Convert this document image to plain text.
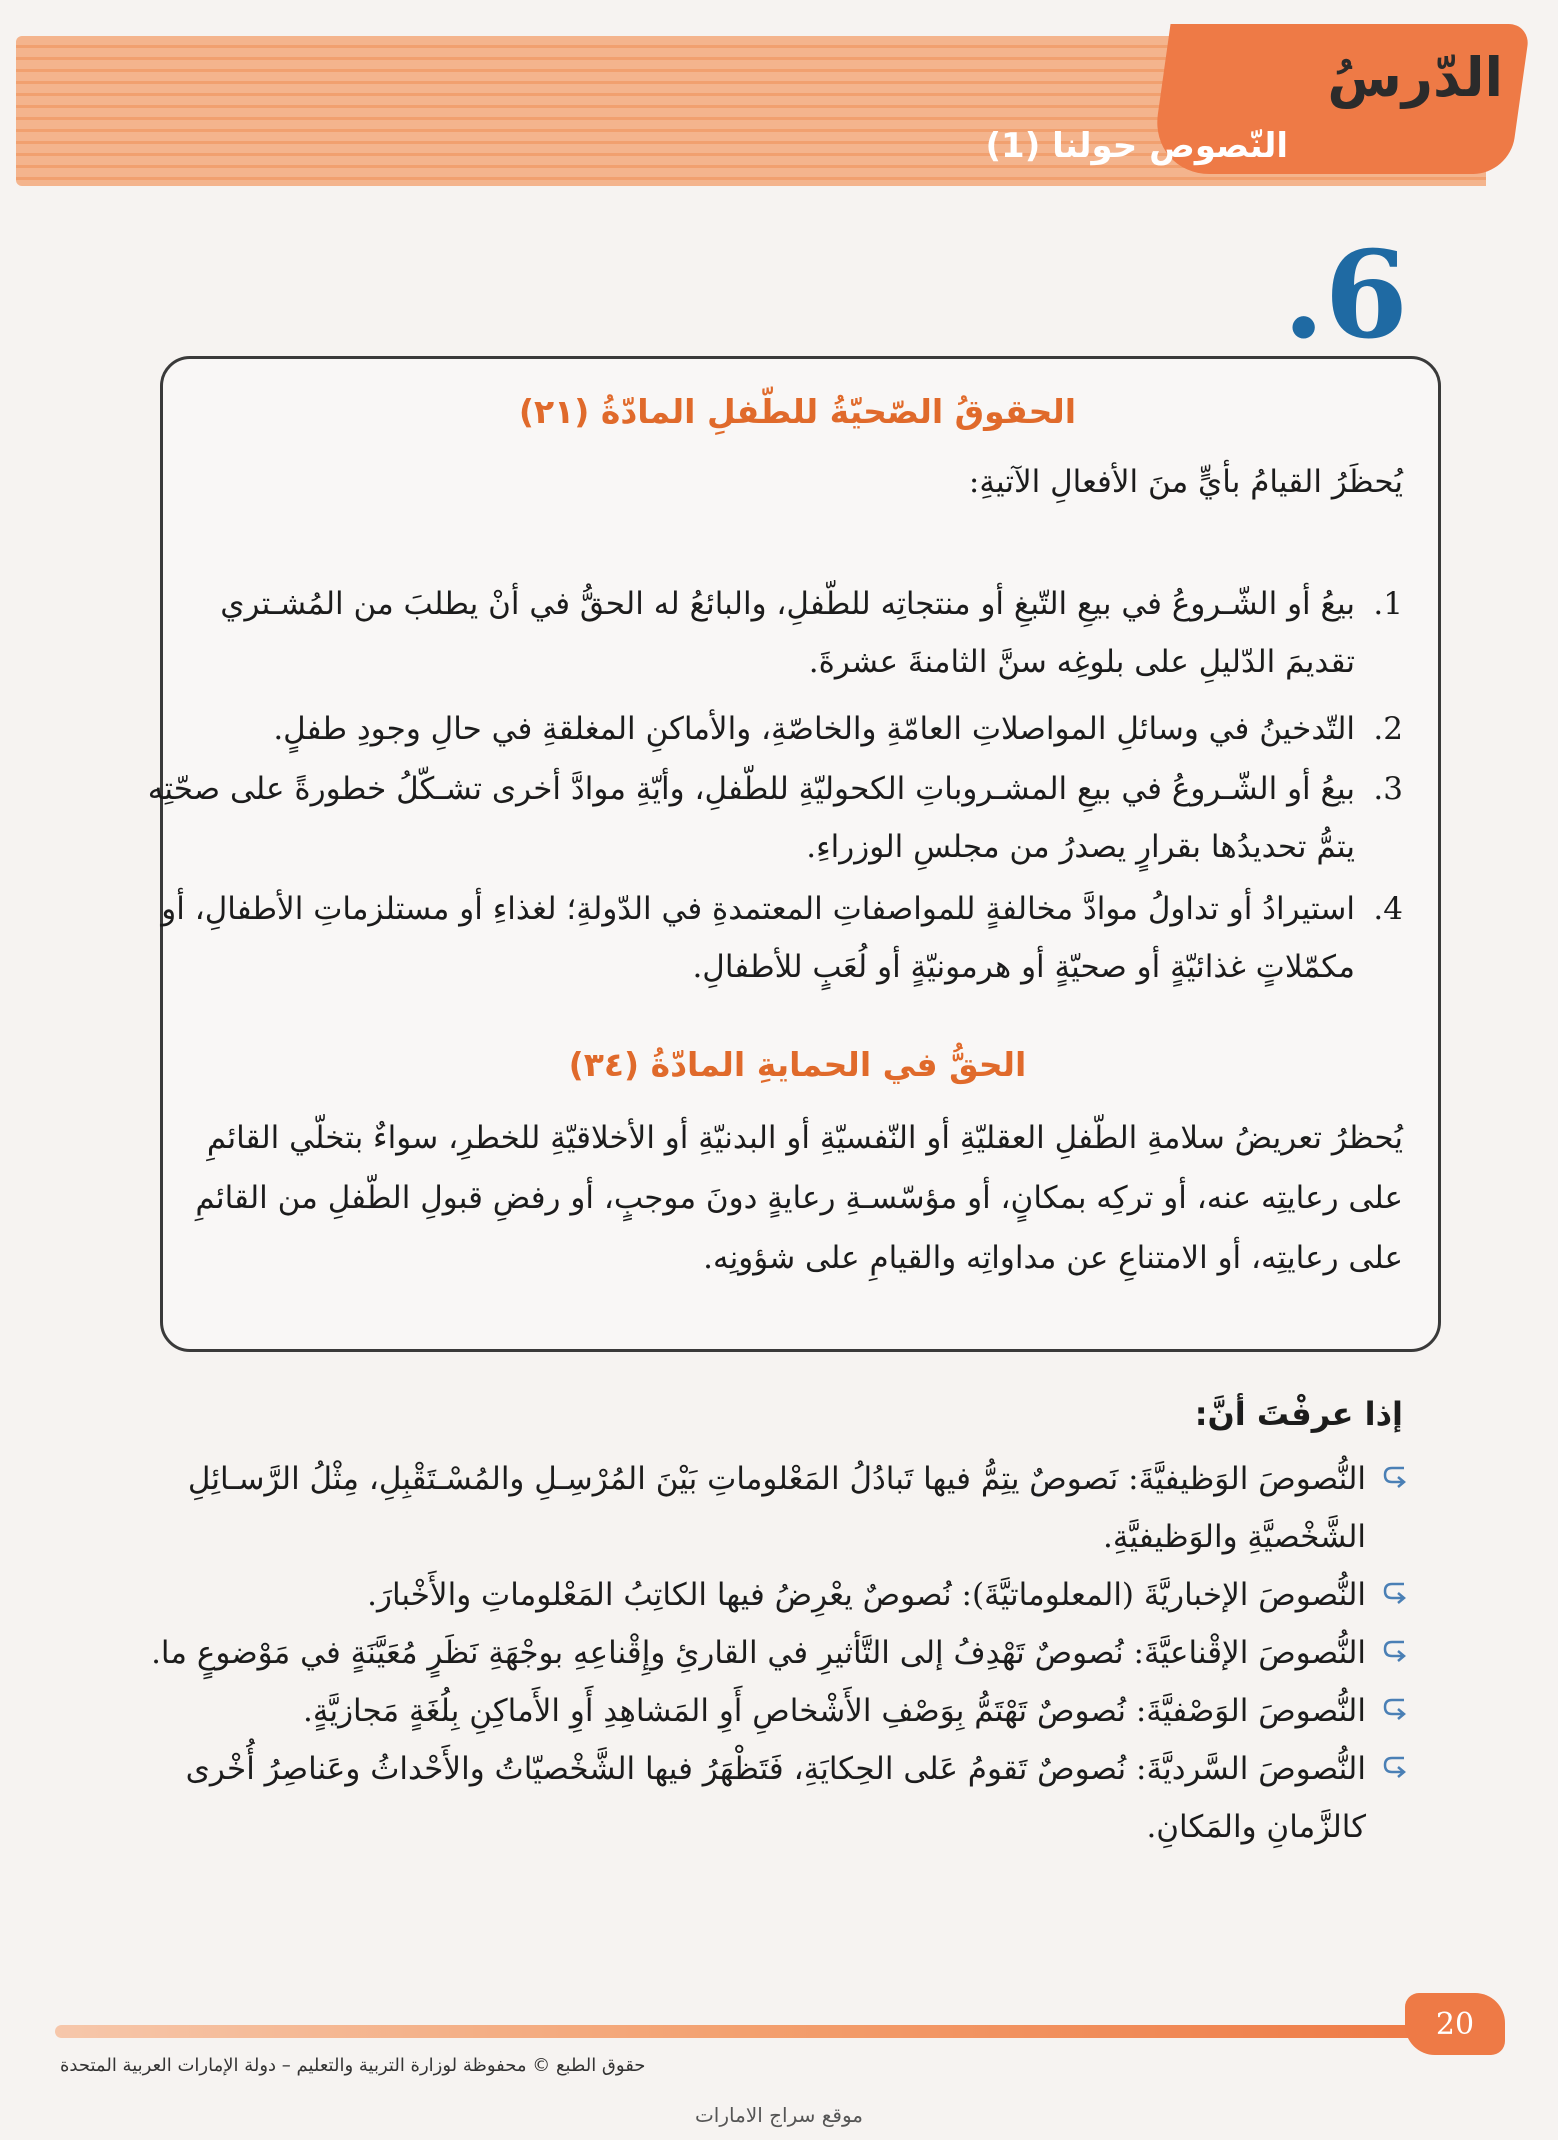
الدّرسُ
النّصوص حولنا (1)
.6
الحقوقُ الصّحيّةُ للطّفلِ المادّةُ (٢١)
يُحظَرُ القيامُ بأيٍّ منَ الأفعالِ الآتيةِ:
1.
بيعُ أو الشّـروعُ في بيعِ التّبغِ أو منتجاتِه للطّفلِ، والبائعُ له الحقُّ في أنْ يطلبَ من المُشـتري تقديمَ الدّليلِ على بلوغِه سنَّ الثامنةَ عشرةَ.
2.
التّدخينُ في وسائلِ المواصلاتِ العامّةِ والخاصّةِ، والأماكنِ المغلقةِ في حالِ وجودِ طفلٍ.
3.
بيعُ أو الشّـروعُ في بيعِ المشـروباتِ الكحوليّةِ للطّفلِ، وأيّةِ موادَّ أخرى تشـكّلُ خطورةً على صحّتِه يتمُّ تحديدُها بقرارٍ يصدرُ من مجلسِ الوزراءِ.
4.
استيرادُ أو تداولُ موادَّ مخالفةٍ للمواصفاتِ المعتمدةِ في الدّولةِ؛ لغذاءِ أو مستلزماتِ الأطفالِ، أو مكمّلاتٍ غذائيّةٍ أو صحيّةٍ أو هرمونيّةٍ أو لُعَبٍ للأطفالِ.
الحقُّ في الحمايةِ المادّةُ (٣٤)
يُحظرُ تعريضُ سلامةِ الطّفلِ العقليّةِ أو النّفسيّةِ أو البدنيّةِ أو الأخلاقيّةِ للخطرِ، سواءٌ بتخلّي القائمِ على رعايتِه عنه، أو تركِه بمكانٍ، أو مؤسّسـةِ رعايةٍ دونَ موجبٍ، أو رفضِ قبولِ الطّفلِ من القائمِ على رعايتِه، أو الامتناعِ عن مداواتِه والقيامِ على شؤونِه.
إذا عرفْتَ أنَّ:
النُّصوصَ الوَظيفيَّةَ: نَصوصٌ يتِمُّ فيها تَبادُلُ المَعْلوماتِ بَيْنَ المُرْسِـلِ والمُسْـتَقْبِلِ، مِثْلُ الرَّسـائِلِ الشَّخْصيَّةِ والوَظيفيَّةِ.
النُّصوصَ الإخباريَّةَ (المعلوماتيَّةَ): نُصوصٌ يعْرِضُ فيها الكاتِبُ المَعْلوماتِ والأَخْبارَ.
النُّصوصَ الإقْناعيَّةَ: نُصوصٌ تَهْدِفُ إلى التَّأثيرِ في القارئِ وإِقْناعِهِ بوجْهَةِ نَظَرٍ مُعَيَّنَةٍ في مَوْضوعٍ ما.
النُّصوصَ الوَصْفيَّةَ: نُصوصٌ تَهْتَمُّ بِوَصْفِ الأَشْخاصِ أَوِ المَشاهِدِ أَوِ الأَماكِنِ بِلُغَةٍ مَجازيَّةٍ.
النُّصوصَ السَّرديَّةَ: نُصوصٌ تَقومُ عَلى الحِكايَةِ، فَتَظْهَرُ فيها الشَّخْصيّاتُ والأَحْداثُ وعَناصِرُ أُخْرى كالزَّمانِ والمَكانِ.
20
حقوق الطبع © محفوظة لوزارة التربية والتعليم – دولة الإمارات العربية المتحدة
موقع سراج الامارات
